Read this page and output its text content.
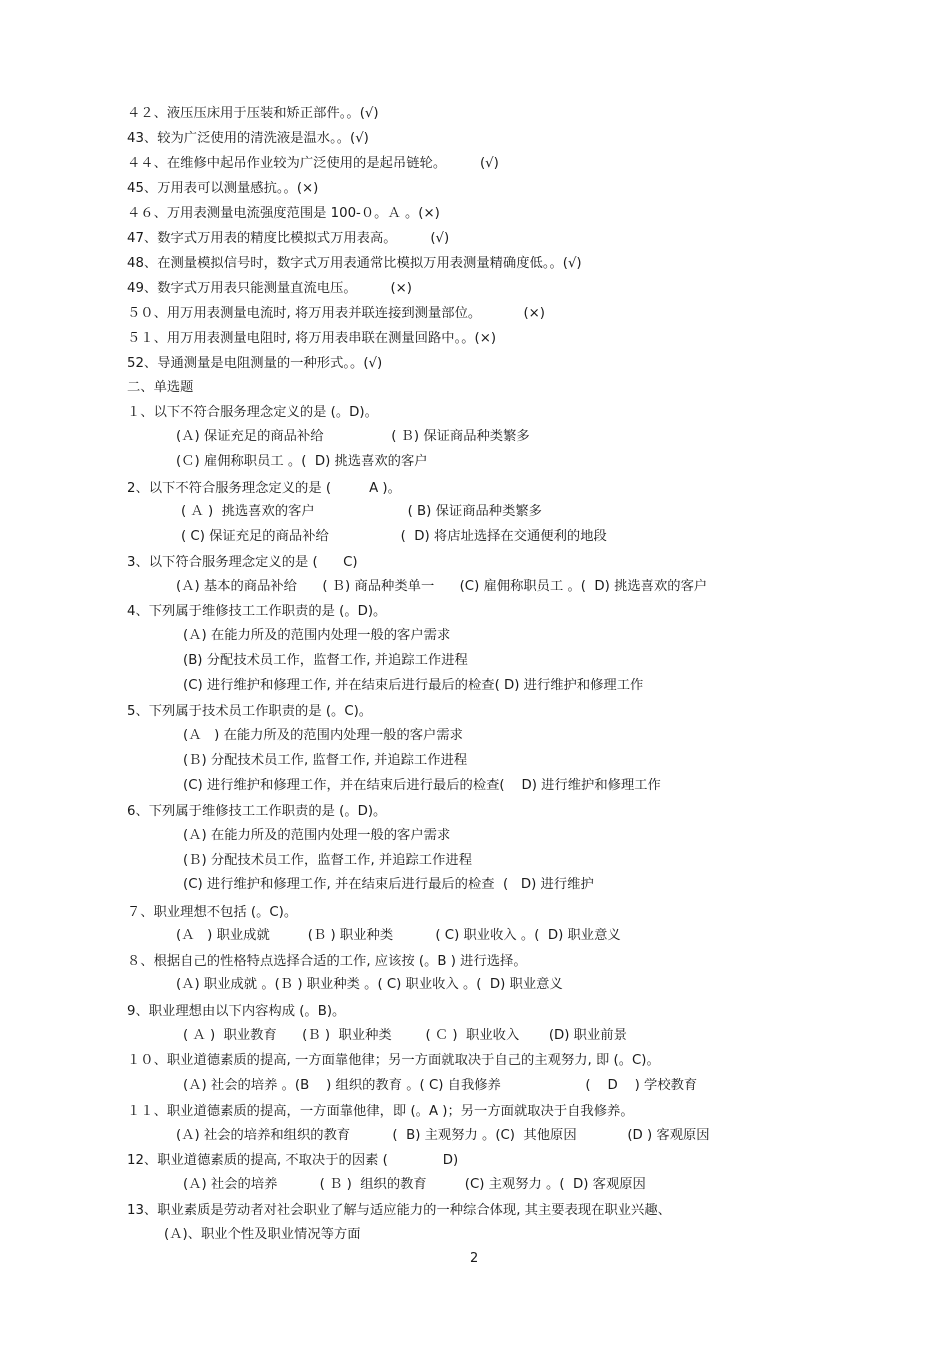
４２、液压压床用于压装和矫正部件。。(√)
43、较为广泛使用的清洗液是温水。。(√)
４４、在维修中起吊作业较为广泛使用的是起吊链轮。        (√)
45、万用表可以测量感抗。。(×)
４６、万用表测量电流强度范围是 100-０。Ａ 。(×)
47、数字式万用表的精度比模拟式万用表高。        (√)
48、在测量模拟信号时，数字式万用表通常比模拟万用表测量精确度低。。(√)
49、数字式万用表只能测量直流电压。        (×)
５０、用万用表测量电流时, 将万用表并联连接到测量部位。          (×)
５１、用万用表测量电阻时, 将万用表串联在测量回路中。。(×)
52、导通测量是电阻测量的一种形式。。(√)
二、单选题
１、以下不符合服务理念定义的是 (。D)。
(Ａ) 保证充足的商品补给                ( Ｂ) 保证商品种类繁多
(Ｃ) 雇佣称职员工 。(  D) 挑选喜欢的客户
2、以下不符合服务理念定义的是 (         A )。
( Ａ )  挑选喜欢的客户                      ( B) 保证商品种类繁多
( C) 保证充足的商品补给                 (  D) 将店址选择在交通便利的地段
3、以下符合服务理念定义的是 (      C)
(Ａ) 基本的商品补给      ( Ｂ) 商品种类单一      (C) 雇佣称职员工 。(  D) 挑选喜欢的客户
4、下列属于维修技工工作职责的是 (。D)。
(Ａ) 在能力所及的范围内处理一般的客户需求
(B) 分配技术员工作，监督工作, 并追踪工作进程
(C) 进行维护和修理工作, 并在结束后进行最后的检查( D) 进行维护和修理工作
5、下列属于技术员工作职责的是 (。C)。
(Ａ   ) 在能力所及的范围内处理一般的客户需求
(Ｂ) 分配技术员工作, 监督工作, 并追踪工作进程
(C) 进行维护和修理工作，并在结束后进行最后的检查(    D) 进行维护和修理工作
6、下列属于维修技工工作职责的是 (。D)。
(Ａ) 在能力所及的范围内处理一般的客户需求
(Ｂ) 分配技术员工作，监督工作, 并追踪工作进程
(C) 进行维护和修理工作, 并在结束后进行最后的检查  (   D) 进行维护
７、职业理想不包括 (。C)。
(Ａ   ) 职业成就         (Ｂ ) 职业种类          ( C) 职业收入 。(  D) 职业意义
８、根据自己的性格特点选择合适的工作, 应该按 (。B ) 进行选择。
(Ａ) 职业成就 。(Ｂ ) 职业种类 。( C) 职业收入 。(  D) 职业意义
9、职业理想由以下内容构成 (。B)。
( Ａ )  职业教育      (Ｂ )  职业种类        ( Ｃ )  职业收入       (D) 职业前景
１０、职业道德素质的提高, 一方面靠他律；另一方面就取决于自己的主观努力, 即 (。C)。
(Ａ) 社会的培养 。(B    ) 组织的教育 。( C) 自我修养                    (    D    ) 学校教育
１１、职业道德素质的提高，一方面靠他律，即 (。A )；另一方面就取决于自我修养。
(Ａ) 社会的培养和组织的教育          (  B) 主观努力 。(C)  其他原因            (D ) 客观原因
12、职业道德素质的提高, 不取决于的因素 (             D)
(Ａ) 社会的培养          ( Ｂ )  组织的教育         (C) 主观努力 。(  D) 客观原因
13、职业素质是劳动者对社会职业了解与适应能力的一种综合体现, 其主要表现在职业兴趣、
(Ａ)、职业个性及职业情况等方面
2
